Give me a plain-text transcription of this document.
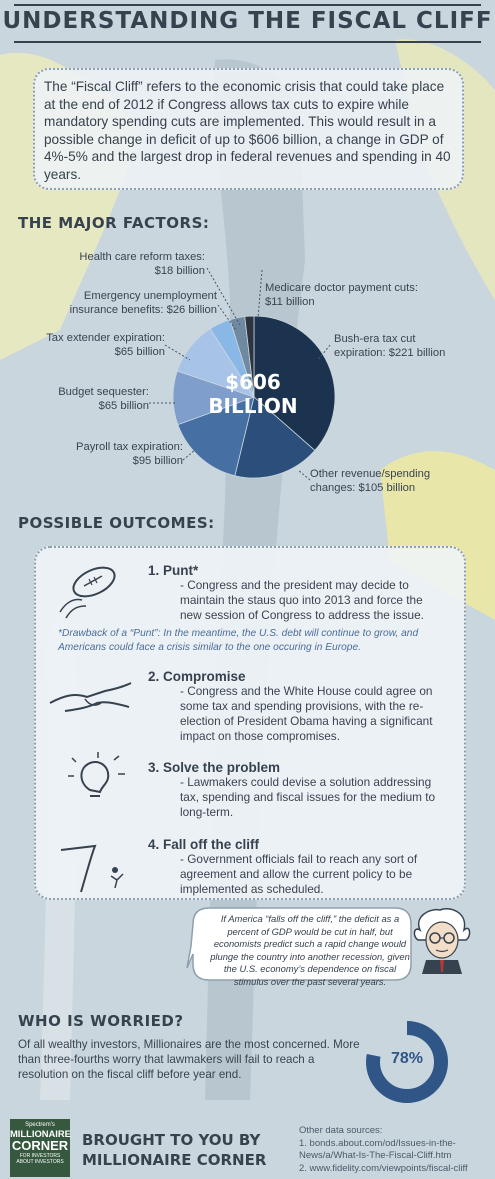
UNDERSTANDING THE FISCAL CLIFF
The “Fiscal Cliff” refers to the economic crisis that could take place at the end of 2012 if Congress allows tax cuts to expire while mandatory spending cuts are implemented. This would result in a possible change in deficit of up to $606 billion, a change in GDP of 4%-5% and the largest drop in federal revenues and spending in 40 years.
THE MAJOR FACTORS:
$606
BILLION
Health care reform taxes:
$18 billion
Emergency unemployment
insurance benefits: $26 billion
Tax extender expiration:
$65 billion
Budget sequester:
$65 billion
Payroll tax expiration:
$95 billion
Medicare doctor payment cuts:
$11 billion
Bush-era tax cut
expiration: $221 billion
Other revenue/spending
changes: $105 billion
POSSIBLE OUTCOMES:
1. Punt*
- Congress and the president may decide to maintain the staus quo into 2013 and force the new session of Congress to address the issue.
*Drawback of a “Punt”: In the meantime, the U.S. debt will continue to grow, and Americans could face a crisis similar to the one occuring in Europe.
2. Compromise
- Congress and the White House could agree on some tax and spending provisions, with the re-election of President Obama having a significant impact on those compromises.
3. Solve the problem
- Lawmakers could devise a solution addressing tax, spending and fiscal issues for the medium to long-term.
4. Fall off the cliff
- Government officials fail to reach any sort of agreement and allow the current policy to be implemented as scheduled.
If America “falls off the cliff,” the deficit as a percent of GDP would be cut in half, but economists predict such a rapid change would plunge the country into another recession, given the U.S. economy’s dependence on fiscal stimulus over the past several years.
WHO IS WORRIED?
Of all wealthy investors, Millionaires are the most concerned. More than three-fourths worry that lawmakers will fail to reach a resolution on the fiscal cliff before year end.
78%
Spectrem's
MILLIONAIRE
CORNER
FOR INVESTORS
ABOUT INVESTORS
BROUGHT TO YOU BY
MILLIONAIRE CORNER
Other data sources:
1. bonds.about.com/od/Issues-in-the-News/a/What-Is-The-Fiscal-Cliff.htm
2. www.fidelity.com/viewpoints/fiscal-cliff
